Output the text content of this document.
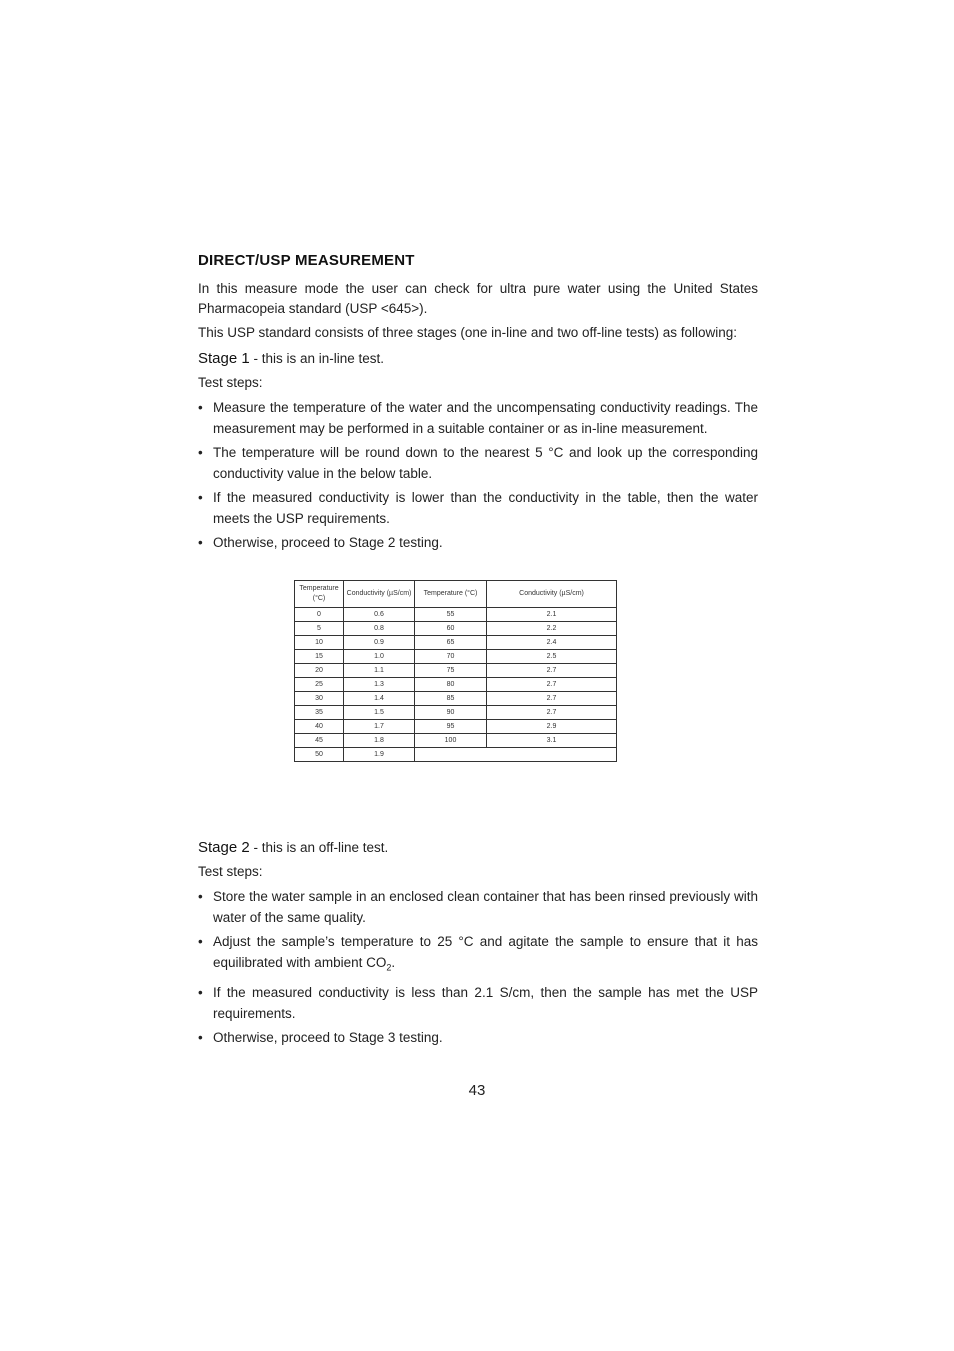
DIRECT/USP MEASUREMENT

In this measure mode the user can check for ultra pure water using the United States Pharmacopeia standard (USP <645>).

This USP standard consists of three stages (one in-line and two off-line tests) as following:

Stage 1 - this is an in-line test.

Test steps:

• Measure the temperature of the water and the uncompensating conductivity readings. The measurement may be performed in a suitable container or as in-line measurement.
• The temperature will be round down to the nearest 5 °C and look up the corresponding conductivity value in the below table.
• If the measured conductivity is lower than the conductivity in the table, then the water meets the USP requirements.
• Otherwise, proceed to Stage 2 testing.
Temperature (°C)	Conductivity (µS/cm)	Temperature (°C)	Conductivity (µS/cm)
0	0.6	55	2.1
5	0.8	60	2.2
10	0.9	65	2.4
15	1.0	70	2.5
20	1.1	75	2.7
25	1.3	80	2.7
30	1.4	85	2.7
35	1.5	90	2.7
40	1.7	95	2.9
45	1.8	100	3.1
50	1.9		

Stage 2 - this is an off-line test.

Test steps:

• Store the water sample in an enclosed clean container that has been rinsed previously with water of the same quality.
• Adjust the sample’s temperature to 25 °C and agitate the sample to ensure that it has equilibrated with ambient $CO_2$.
• If the measured conductivity is less than 2.1 S/cm, then the sample has met the USP requirements.
• Otherwise, proceed to Stage 3 testing.
43
